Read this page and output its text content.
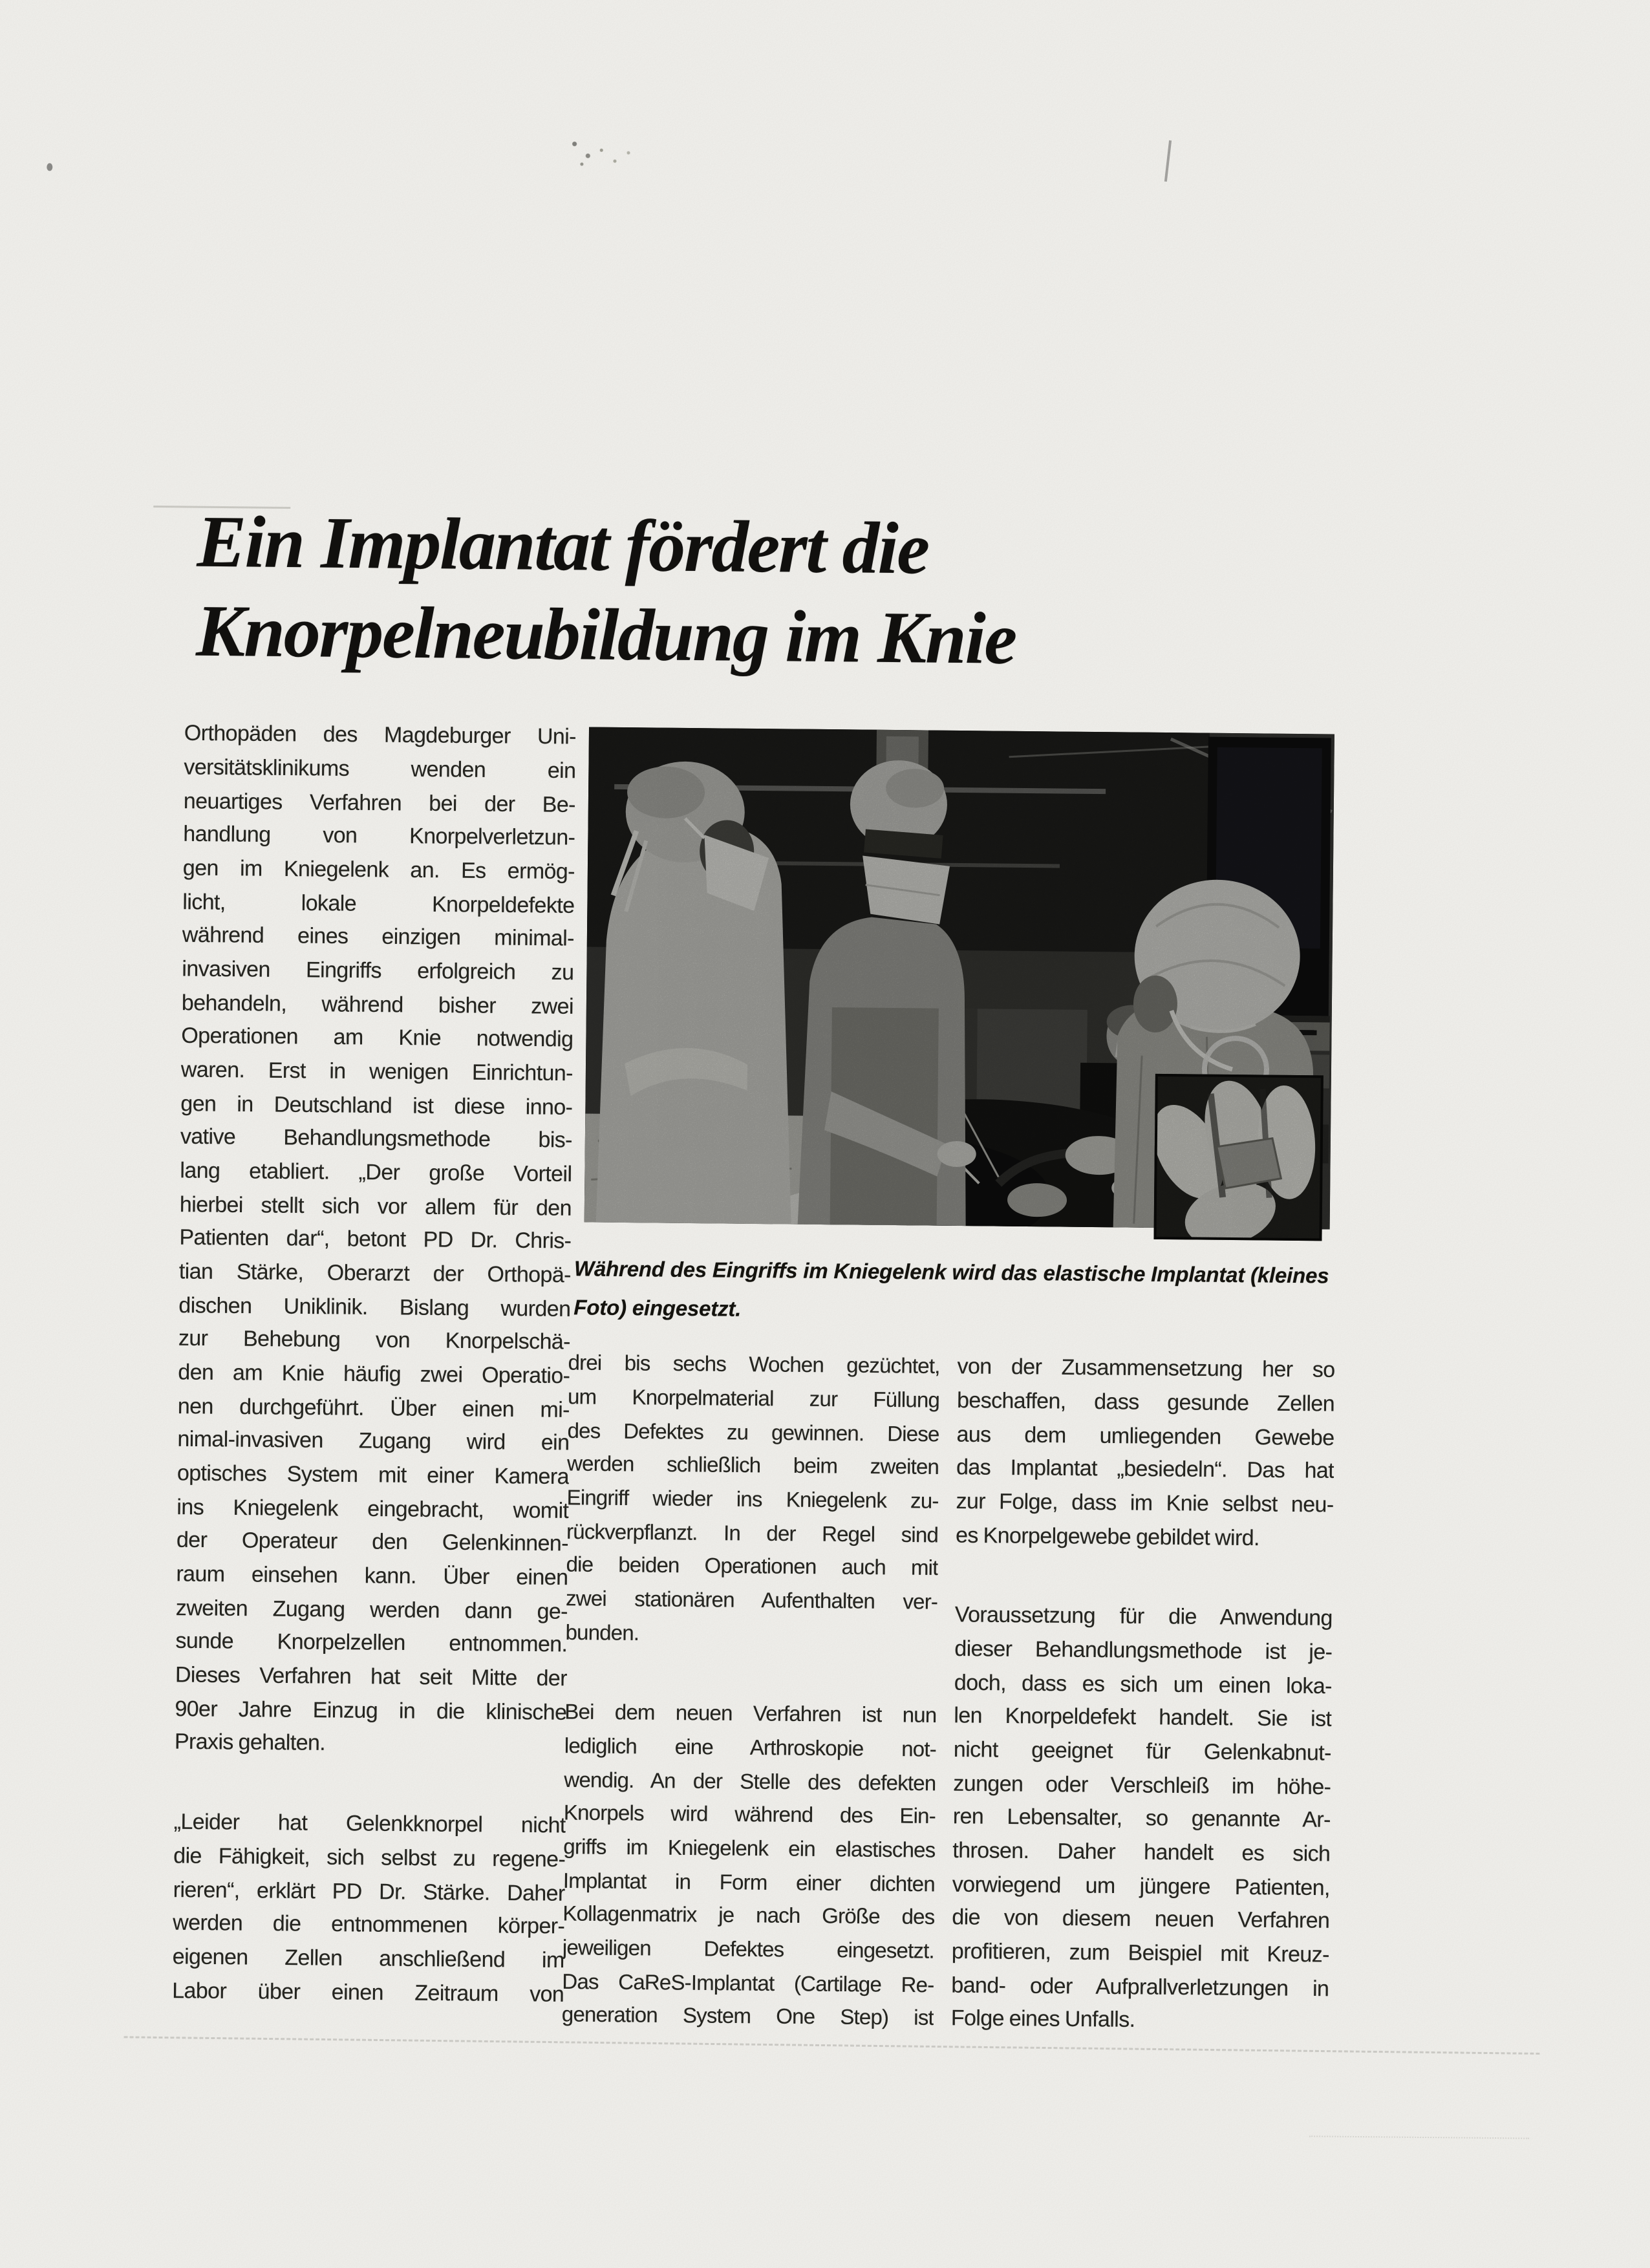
Ein Implantat fördert die
Knorpelneubildung im Knie
Während des Eingriffs im Kniegelenk wird das elastische Implantat (kleines
Foto) eingesetzt.
Orthopäden des Magdeburger Uni-
versitätsklinikums wenden ein
neuartiges Verfahren bei der Be-
handlung von Knorpelverletzun-
gen im Kniegelenk an. Es ermög-
licht, lokale Knorpeldefekte
während eines einzigen minimal-
invasiven Eingriffs erfolgreich zu
behandeln, während bisher zwei
Operationen am Knie notwendig
waren. Erst in wenigen Einrichtun-
gen in Deutschland ist diese inno-
vative Behandlungsmethode bis-
lang etabliert. „Der große Vorteil
hierbei stellt sich vor allem für den
Patienten dar“, betont PD Dr. Chris-
tian Stärke, Oberarzt der Orthopä-
dischen Uniklinik. Bislang wurden
zur Behebung von Knorpelschä-
den am Knie häufig zwei Operatio-
nen durchgeführt. Über einen mi-
nimal-invasiven Zugang wird ein
optisches System mit einer Kamera
ins Kniegelenk eingebracht, womit
der Operateur den Gelenkinnen-
raum einsehen kann. Über einen
zweiten Zugang werden dann ge-
sunde Knorpelzellen entnommen.
Dieses Verfahren hat seit Mitte der
90er Jahre Einzug in die klinische
Praxis gehalten.
„Leider hat Gelenkknorpel nicht
die Fähigkeit, sich selbst zu regene-
rieren“, erklärt PD Dr. Stärke. Daher
werden die entnommenen körper-
eigenen Zellen anschließend im
Labor über einen Zeitraum von
drei bis sechs Wochen gezüchtet,
um Knorpelmaterial zur Füllung
des Defektes zu gewinnen. Diese
werden schließlich beim zweiten
Eingriff wieder ins Kniegelenk zu-
rückverpflanzt. In der Regel sind
die beiden Operationen auch mit
zwei stationären Aufenthalten ver-
bunden.
Bei dem neuen Verfahren ist nun
lediglich eine Arthroskopie not-
wendig. An der Stelle des defekten
Knorpels wird während des Ein-
griffs im Kniegelenk ein elastisches
Implantat in Form einer dichten
Kollagenmatrix je nach Größe des
jeweiligen Defektes eingesetzt.
Das CaReS-Implantat (Cartilage Re-
generation System One Step) ist
von der Zusammensetzung her so
beschaffen, dass gesunde Zellen
aus dem umliegenden Gewebe
das Implantat „besiedeln“. Das hat
zur Folge, dass im Knie selbst neu-
es Knorpelgewebe gebildet wird.
Voraussetzung für die Anwendung
dieser Behandlungsmethode ist je-
doch, dass es sich um einen loka-
len Knorpeldefekt handelt. Sie ist
nicht geeignet für Gelenkabnut-
zungen oder Verschleiß im höhe-
ren Lebensalter, so genannte Ar-
throsen. Daher handelt es sich
vorwiegend um jüngere Patienten,
die von diesem neuen Verfahren
profitieren, zum Beispiel mit Kreuz-
band- oder Aufprallverletzungen in
Folge eines Unfalls.
